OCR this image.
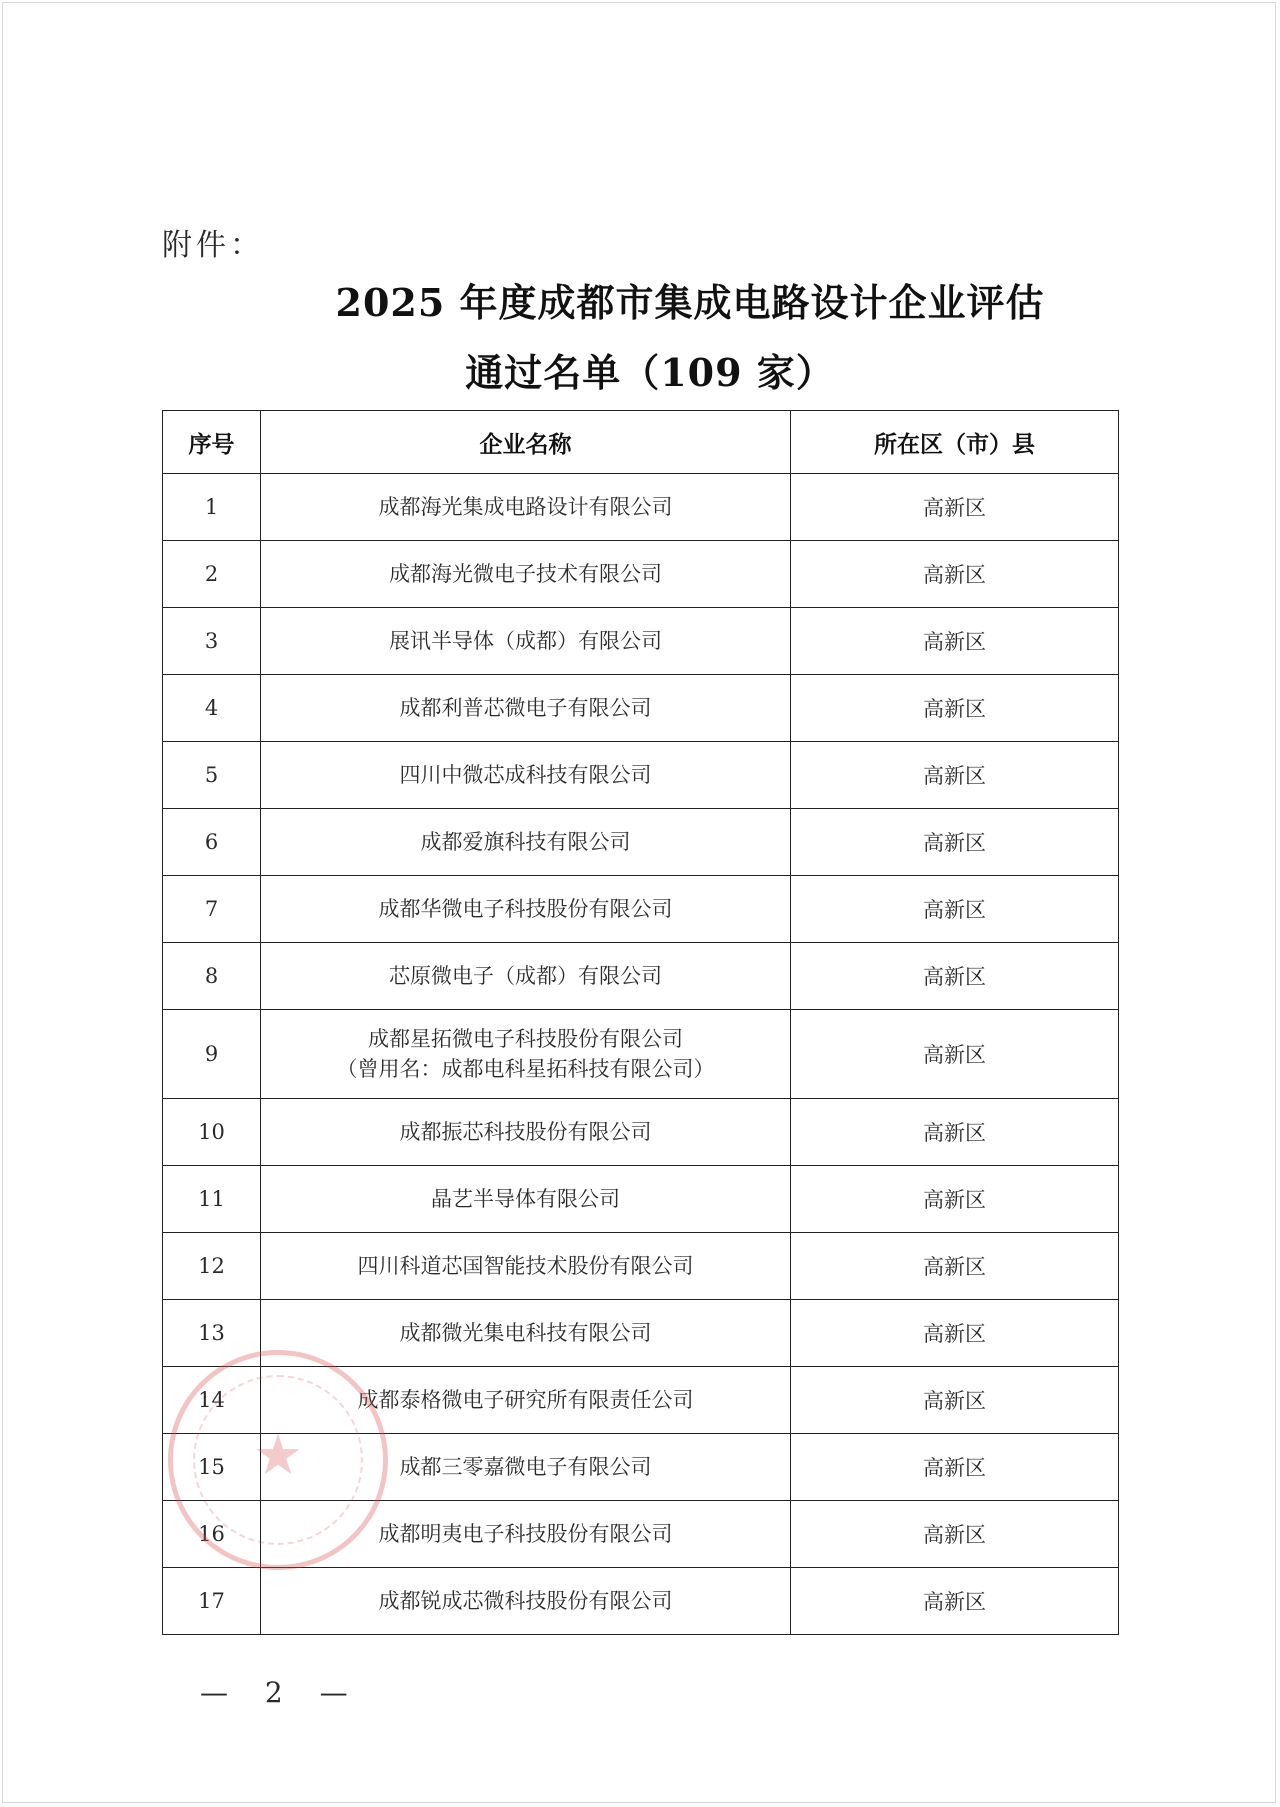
附件：
2025 年度成都市集成电路设计企业评估
通过名单（109 家）
序号	企业名称	所在区（市）县
1	成都海光集成电路设计有限公司	高新区
2	成都海光微电子技术有限公司	高新区
3	展讯半导体（成都）有限公司	高新区
4	成都利普芯微电子有限公司	高新区
5	四川中微芯成科技有限公司	高新区
6	成都爱旗科技有限公司	高新区
7	成都华微电子科技股份有限公司	高新区
8	芯原微电子（成都）有限公司	高新区
9	成都星拓微电子科技股份有限公司
（曾用名：成都电科星拓科技有限公司）	高新区
10	成都振芯科技股份有限公司	高新区
11	晶艺半导体有限公司	高新区
12	四川科道芯国智能技术股份有限公司	高新区
13	成都微光集电科技有限公司	高新区
14	成都泰格微电子研究所有限责任公司	高新区
15	成都三零嘉微电子有限公司	高新区
16	成都明夷电子科技股份有限公司	高新区
17	成都锐成芯微科技股份有限公司	高新区
★
— 2 —
